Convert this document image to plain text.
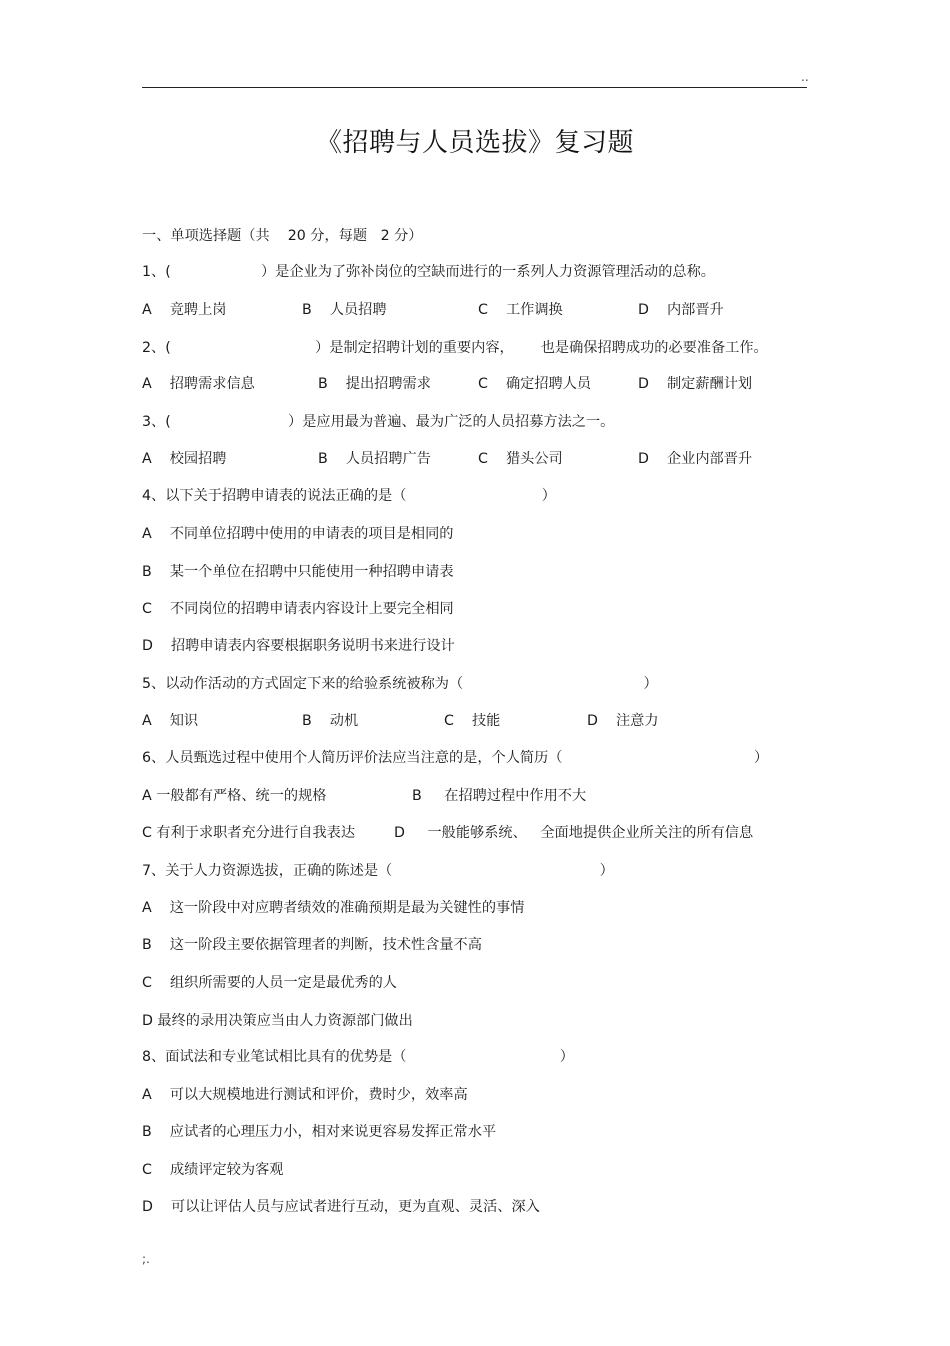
..
《招聘与人员选拔》复习题
一、单项选择题（共    20 分，每题   2 分）
1、(                    ）是企业为了弥补岗位的空缺而进行的一系列人力资源管理活动的总称。

A    竞聘上岗

	B    人员招聘

	C    工作调换

	D    内部晋升

2、(                                ）是制定招聘计划的重要内容，      也是确保招聘成功的必要准备工作。

A    招聘需求信息

	B    提出招聘需求

	C    确定招聘人员

	D    制定薪酬计划

3、(                          ）是应用最为普遍、最为广泛的人员招募方法之一。

A    校园招聘

	B    人员招聘广告

	C    猎头公司

	D    企业内部晋升

4、以下关于招聘申请表的说法正确的是（                              ）
A    不同单位招聘中使用的申请表的项目是相同的
B    某一个单位在招聘中只能使用一种招聘申请表
C    不同岗位的招聘申请表内容设计上要完全相同
D    招聘申请表内容要根据职务说明书来进行设计
5、以动作活动的方式固定下来的给验系统被称为（                                        ）

A    知识

	B    动机

	C    技能

	D    注意力

6、人员甄选过程中使用个人简历评价法应当注意的是，个人简历（

	）

A 一般都有严格、统一的规格

	B     在招聘过程中作用不大

C 有利于求职者充分进行自我表达

	D     一般能够系统、   全面地提供企业所关注的所有信息

7、关于人力资源选拔，正确的陈述是（                                              ）
A    这一阶段中对应聘者绩效的准确预期是最为关键性的事情
B    这一阶段主要依据管理者的判断，技术性含量不高
C    组织所需要的人员一定是最优秀的人
D 最终的录用决策应当由人力资源部门做出
8、面试法和专业笔试相比具有的优势是（                                  ）
A    可以大规模地进行测试和评价，费时少，效率高
B    应试者的心理压力小，相对来说更容易发挥正常水平
C    成绩评定较为客观
D    可以让评估人员与应试者进行互动，更为直观、灵活、深入
;.
